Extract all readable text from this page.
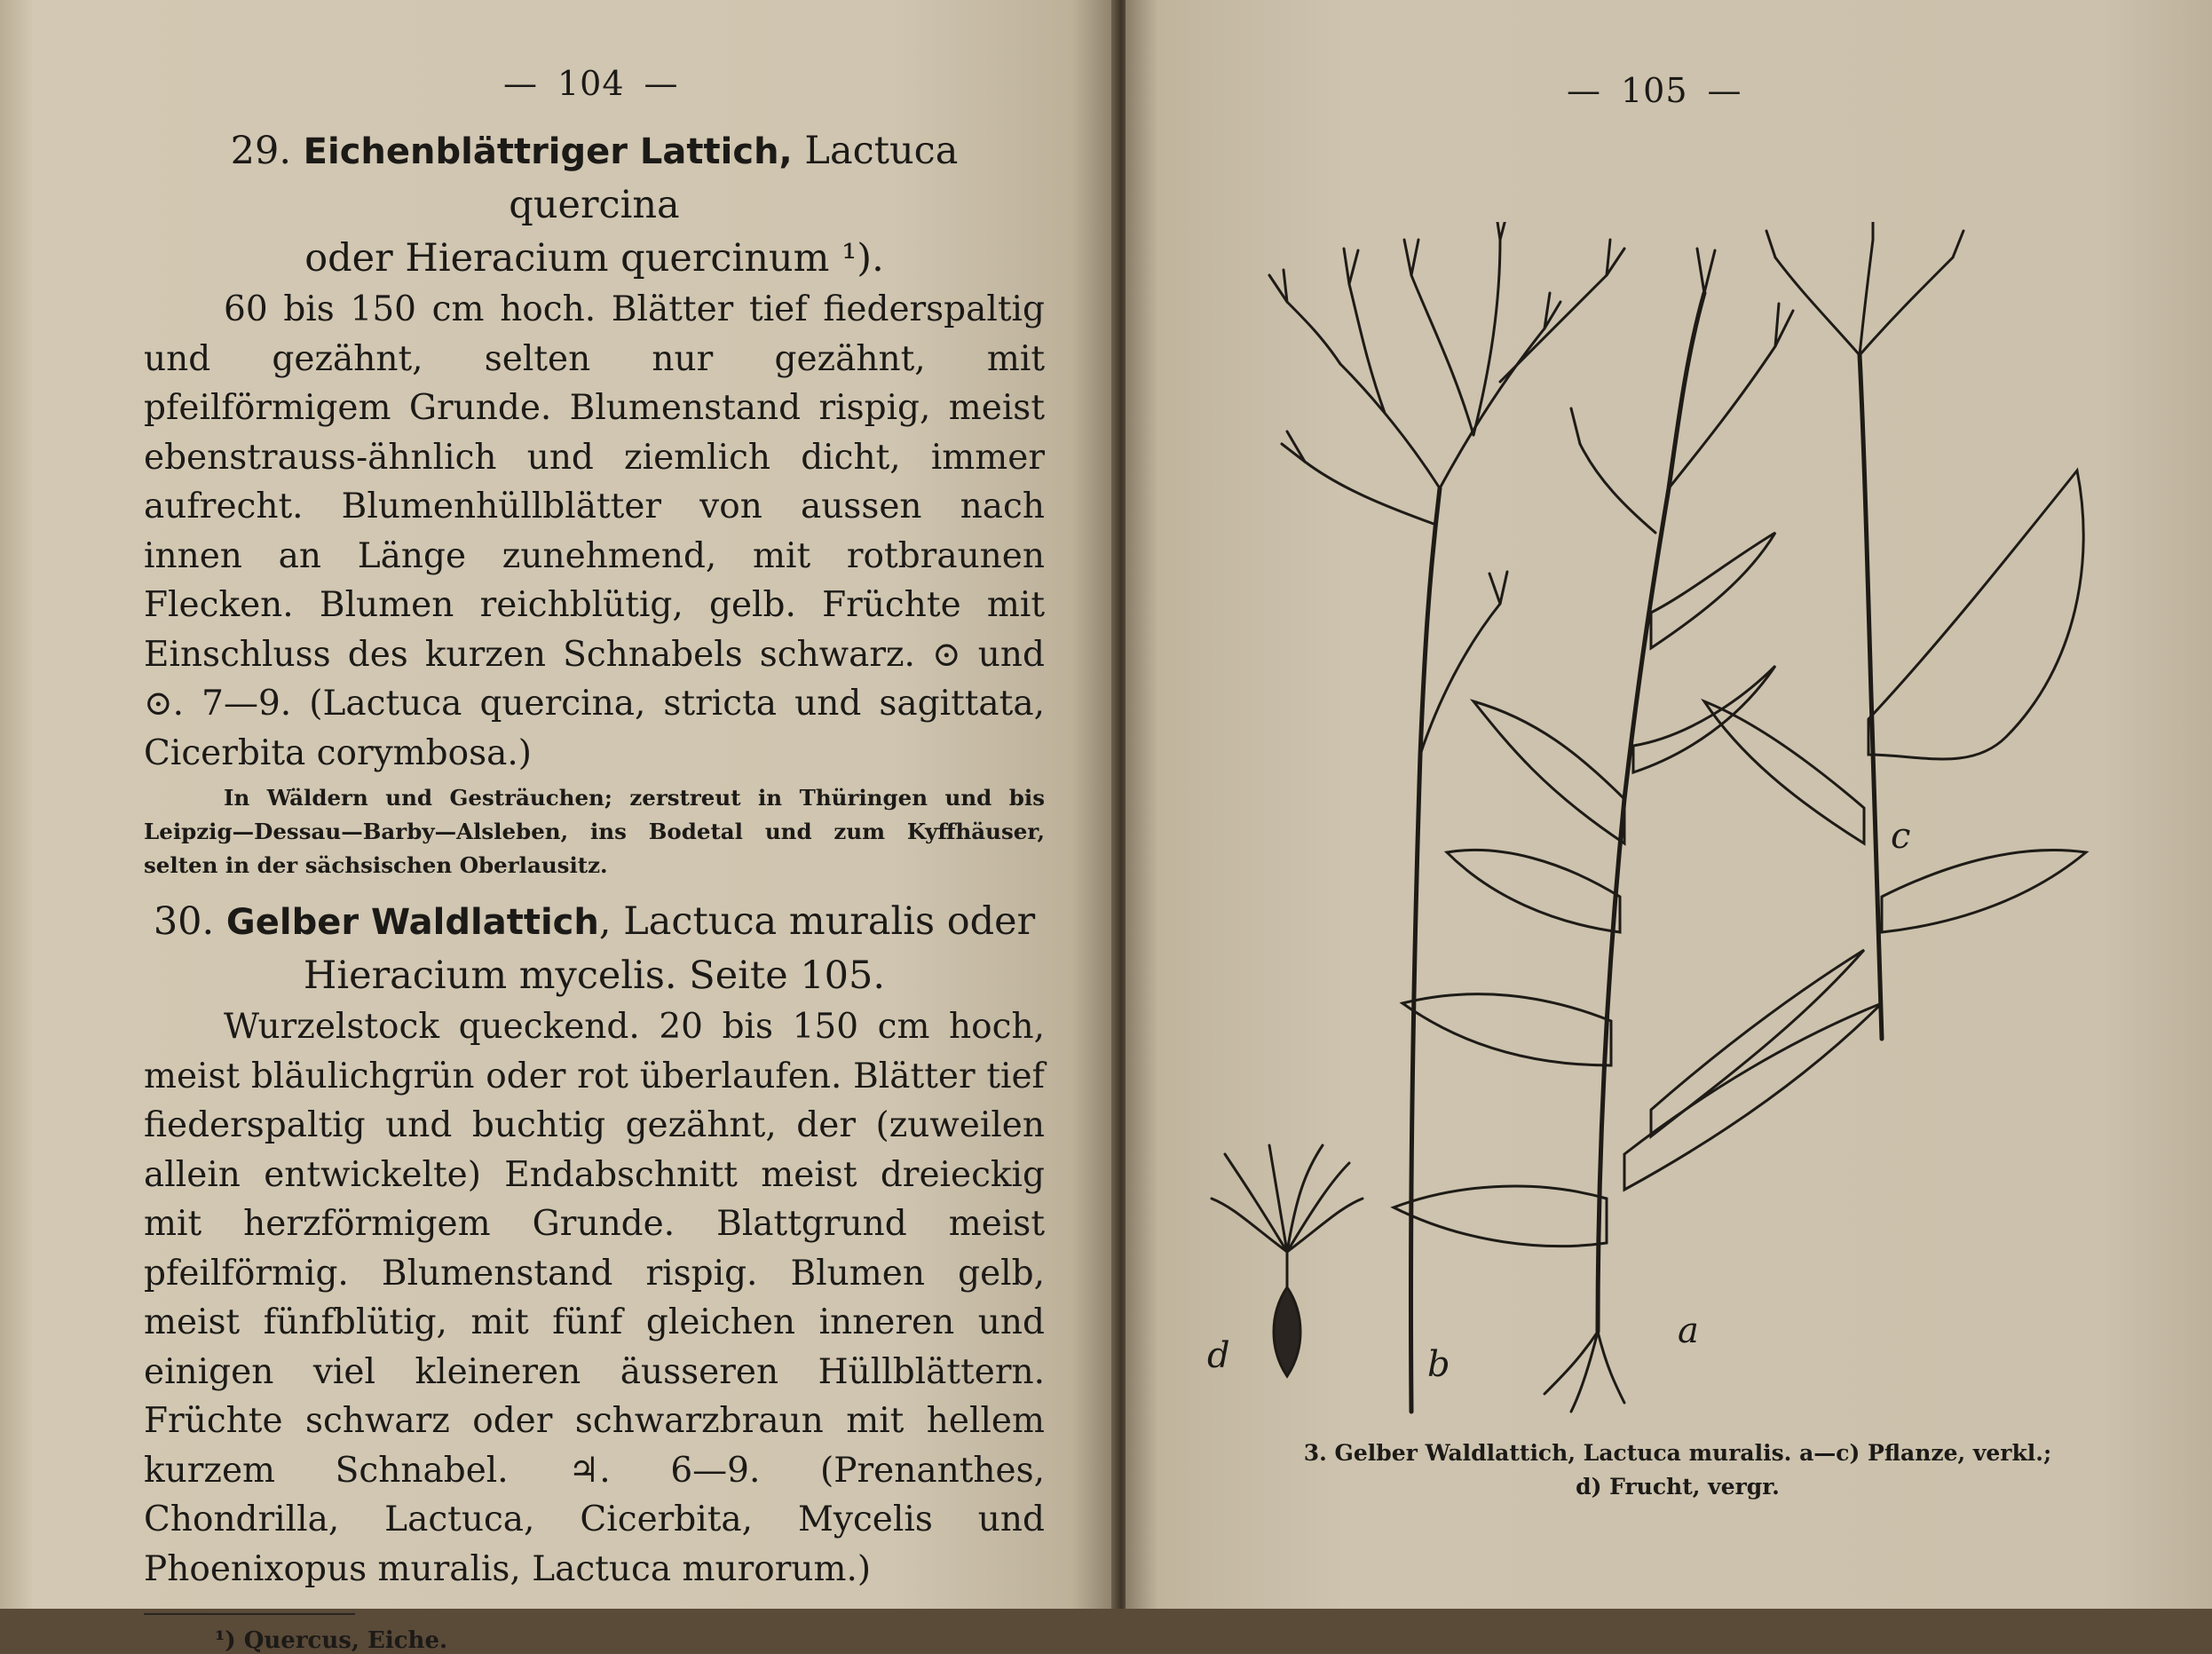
— 104 —

29. Eichenblättriger Lattich, Lactuca quercina
oder Hieracium quercinum ¹).

60 bis 150 cm hoch. Blätter tief fiederspaltig und gezähnt, selten nur gezähnt, mit pfeilförmigem Grunde. Blumenstand rispig, meist ebenstrauss-ähnlich und ziemlich dicht, immer aufrecht. Blumenhüllblätter von aussen nach innen an Länge zunehmend, mit rotbraunen Flecken. Blumen reichblütig, gelb. Früchte mit Einschluss des kurzen Schnabels schwarz. ⊙ und ⊙. 7—9. (Lactuca quercina, stricta und sagittata, Cicerbita corymbosa.)

In Wäldern und Gesträuchen; zerstreut in Thüringen und bis Leipzig—Dessau—Barby—Alsleben, ins Bodetal und zum Kyffhäuser, selten in der sächsischen Oberlausitz.

30. Gelber Waldlattich, Lactuca muralis oder
Hieracium mycelis. Seite 105.

Wurzelstock queckend. 20 bis 150 cm hoch, meist bläulichgrün oder rot überlaufen. Blätter tief fiederspaltig und buchtig gezähnt, der (zuweilen allein entwickelte) Endabschnitt meist dreieckig mit herzförmigem Grunde. Blattgrund meist pfeilförmig. Blumenstand rispig. Blumen gelb, meist fünfblütig, mit fünf gleichen inneren und einigen viel kleineren äusseren Hüllblättern. Früchte schwarz oder schwarzbraun mit hellem kurzem Schnabel. ♃. 6—9. (Prenanthes, Chondrilla, Lactuca, Cicerbita, Mycelis und Phoenixopus muralis, Lactuca murorum.)

¹) Quercus, Eiche.

— 105 —
d	b
a
c
3. Gelber Waldlattich, Lactuca muralis. a—c) Pflanze, verkl.;
d) Frucht, vergr.
